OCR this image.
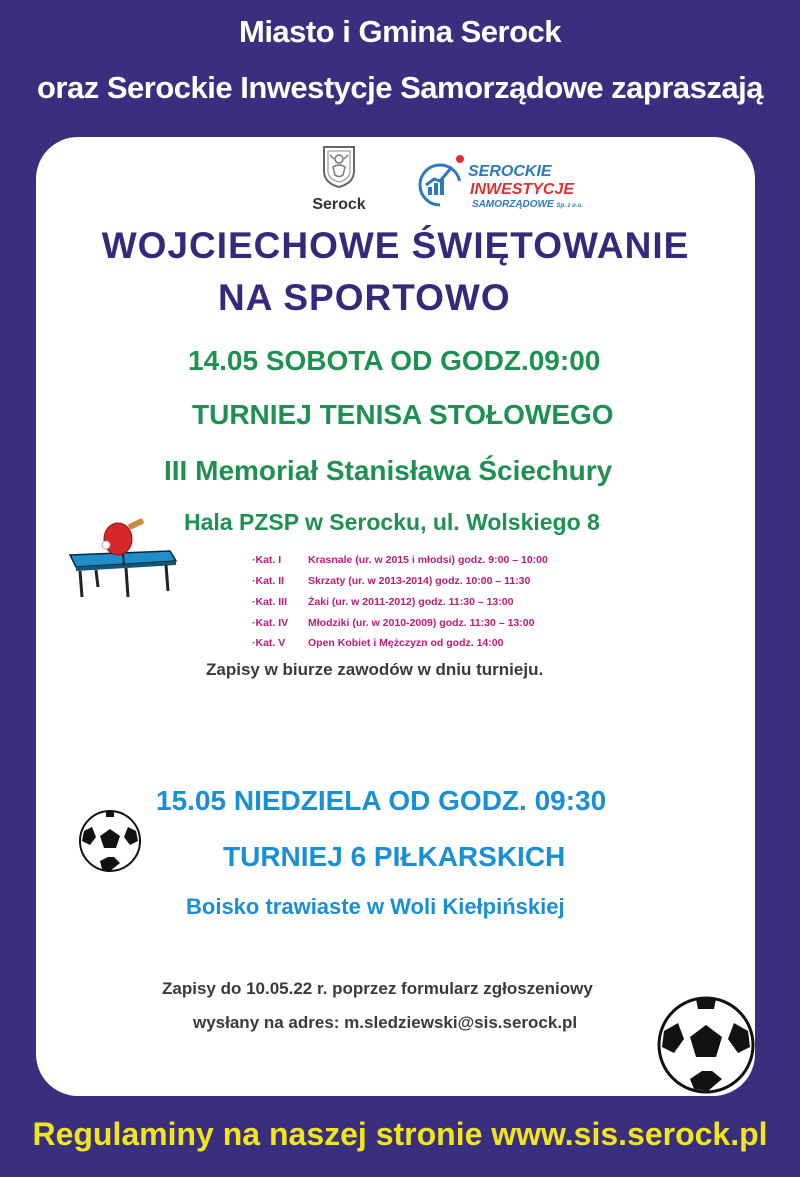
Miasto i Gmina Serock
oraz Serockie Inwestycje Samorządowe zapraszają
Serock
SEROCKIE
INWESTYCJE
SAMORZĄDOWE Sp. z o.o.
WOJCIECHOWE ŚWIĘTOWANIE
NA SPORTOWO
14.05 SOBOTA OD GODZ.09:00
TURNIEJ TENISA STOŁOWEGO
III Memoriał Stanisława Ściechury
Hala PZSP w Serocku, ul. Wolskiego 8
·Kat. I	Krasnale (ur. w 2015 i młodsi) godz. 9:00 – 10:00
·Kat. II Skrzaty (ur. w 2013-2014) godz. 10:00 – 11:30
·Kat. III Żaki (ur. w 2011-2012) godz. 11:30 – 13:00
·Kat. IV Młodziki (ur. w 2010-2009) godz. 11:30 – 13:00
·Kat. V Open Kobiet i Mężczyzn od godz. 14:00
Zapisy w biurze zawodów w dniu turnieju.
15.05 NIEDZIELA OD GODZ. 09:30
TURNIEJ 6 PIŁKARSKICH
Boisko trawiaste w Woli Kiełpińskiej
Zapisy do 10.05.22 r. poprzez formularz zgłoszeniowy
wysłany na adres: m.sledziewski@sis.serock.pl
Regulaminy na naszej stronie www.sis.serock.pl
